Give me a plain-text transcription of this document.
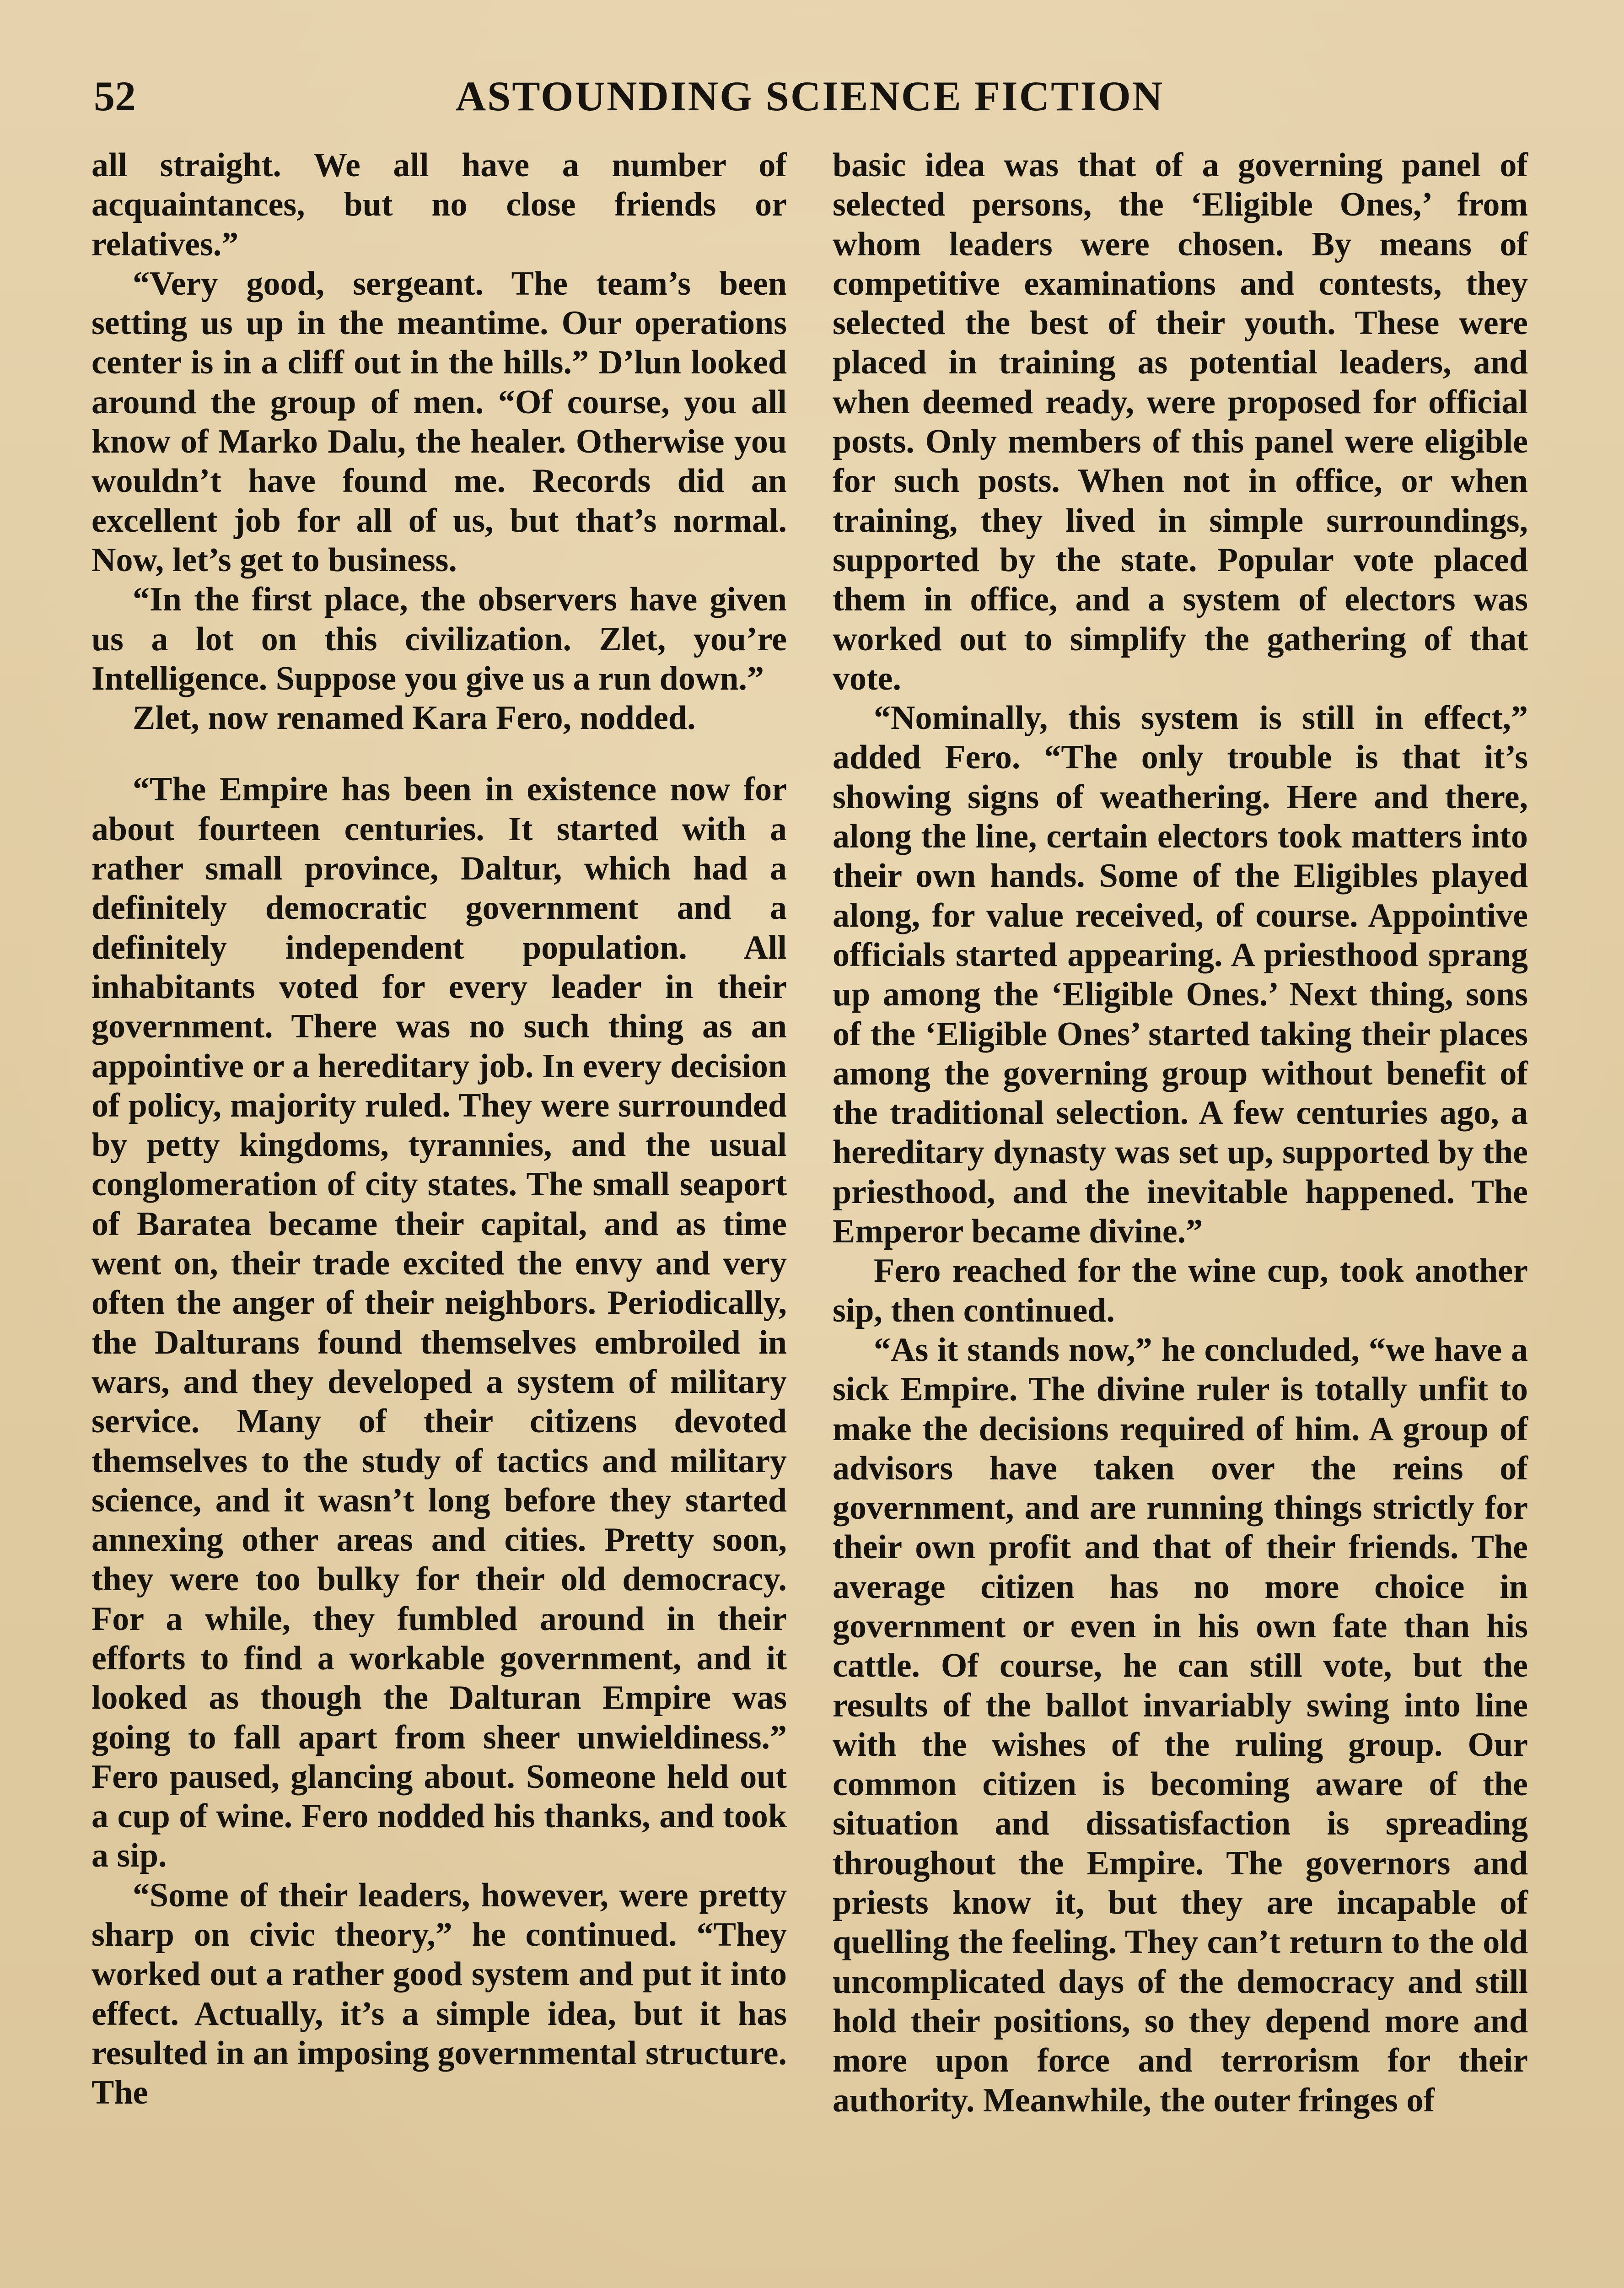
52	ASTOUNDING SCIENCE FICTION

all straight. We all have a number of acquaintances, but no close friends or relatives.”

“Very good, sergeant. The team’s been setting us up in the meantime. Our operations center is in a cliff out in the hills.” D’lun looked around the group of men. “Of course, you all know of Marko Dalu, the healer. Otherwise you wouldn’t have found me. Records did an excellent job for all of us, but that’s normal. Now, let’s get to business.

“In the first place, the observers have given us a lot on this civilization. Zlet, you’re Intelligence. Suppose you give us a run down.”

Zlet, now renamed Kara Fero, nodded.

“The Empire has been in existence now for about fourteen centuries. It started with a rather small province, Daltur, which had a definitely democratic government and a definitely independent population. All inhabitants voted for every leader in their government. There was no such thing as an appointive or a hereditary job. In every decision of policy, majority ruled. They were surrounded by petty kingdoms, tyrannies, and the usual conglomeration of city states. The small seaport of Baratea became their capital, and as time went on, their trade excited the envy and very often the anger of their neighbors. Periodically, the Dalturans found themselves embroiled in wars, and they developed a system of military service. Many of their citizens devoted themselves to the study of tactics and military science, and it wasn’t long before they started annexing other areas and cities. Pretty soon, they were too bulky for their old democracy. For a while, they fumbled around in their efforts to find a workable government, and it looked as though the Dalturan Empire was going to fall apart from sheer unwieldiness.” Fero paused, glancing about. Someone held out a cup of wine. Fero nodded his thanks, and took a sip.

“Some of their leaders, however, were pretty sharp on civic theory,” he continued. “They worked out a rather good system and put it into effect. Actually, it’s a simple idea, but it has resulted in an imposing governmental structure. The

basic idea was that of a governing panel of selected persons, the ‘Eligible Ones,’ from whom leaders were chosen. By means of competitive examinations and contests, they selected the best of their youth. These were placed in training as potential leaders, and when deemed ready, were proposed for official posts. Only members of this panel were eligible for such posts. When not in office, or when training, they lived in simple surroundings, supported by the state. Popular vote placed them in office, and a system of electors was worked out to simplify the gathering of that vote.

“Nominally, this system is still in effect,” added Fero. “The only trouble is that it’s showing signs of weathering. Here and there, along the line, certain electors took matters into their own hands. Some of the Eligibles played along, for value received, of course. Appointive officials started appearing. A priesthood sprang up among the ‘Eligible Ones.’ Next thing, sons of the ‘Eligible Ones’ started taking their places among the governing group without benefit of the traditional selection. A few centuries ago, a hereditary dynasty was set up, supported by the priesthood, and the inevitable happened. The Emperor became divine.”

Fero reached for the wine cup, took another sip, then continued.

“As it stands now,” he concluded, “we have a sick Empire. The divine ruler is totally unfit to make the decisions required of him. A group of advisors have taken over the reins of government, and are running things strictly for their own profit and that of their friends. The average citizen has no more choice in government or even in his own fate than his cattle. Of course, he can still vote, but the results of the ballot invariably swing into line with the wishes of the ruling group. Our common citizen is becoming aware of the situation and dissatisfaction is spreading throughout the Empire. The governors and priests know it, but they are incapable of quelling the feeling. They can’t return to the old uncomplicated days of the democracy and still hold their positions, so they depend more and more upon force and terrorism for their authority. Meanwhile, the outer fringes of
